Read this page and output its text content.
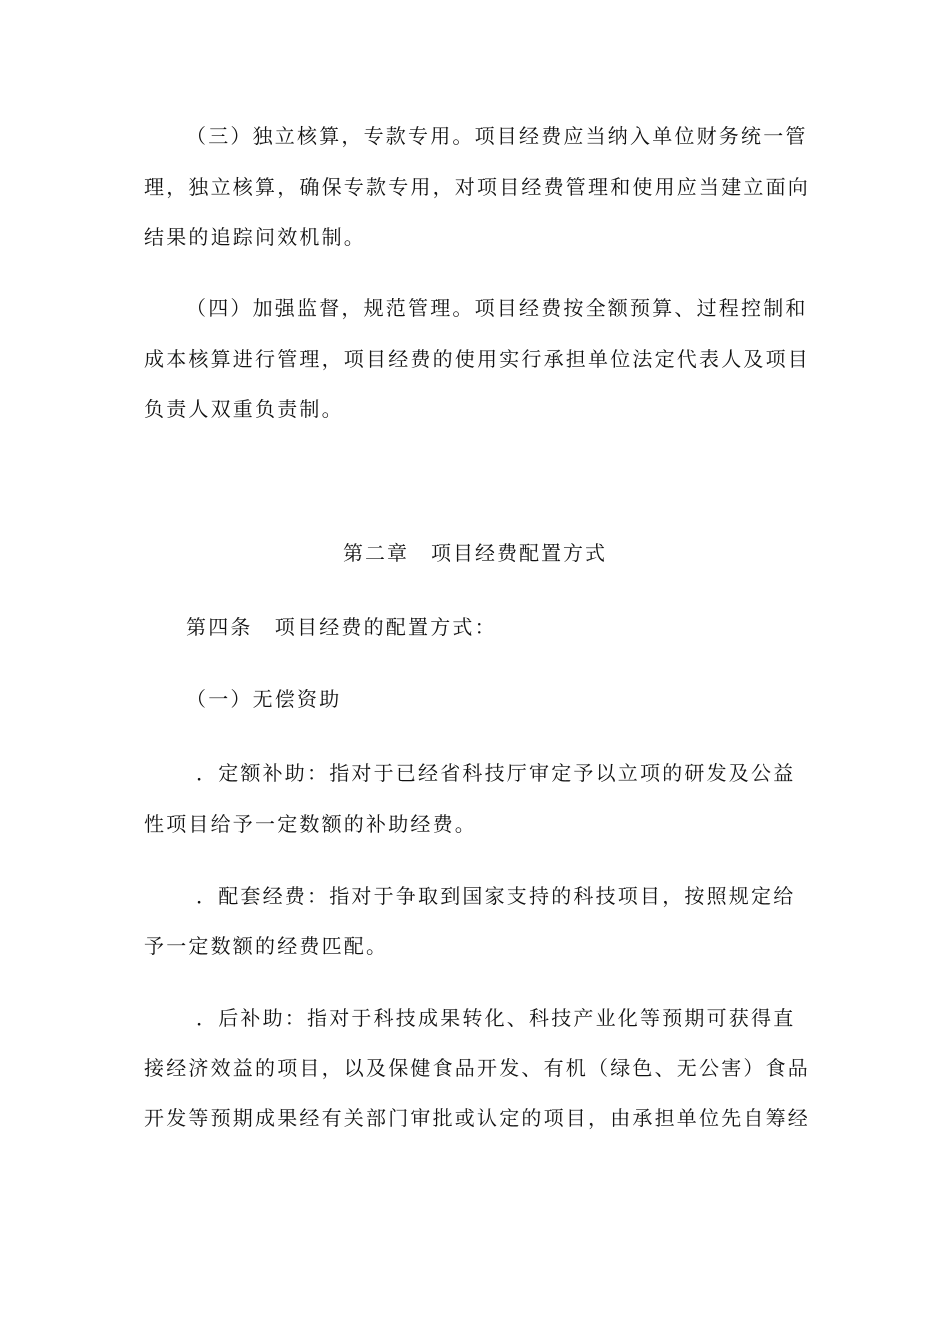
（三）独立核算，专款专用。项目经费应当纳入单位财务统一管
理，独立核算，确保专款专用，对项目经费管理和使用应当建立面向
结果的追踪问效机制。
（四）加强监督，规范管理。项目经费按全额预算、过程控制和
成本核算进行管理，项目经费的使用实行承担单位法定代表人及项目
负责人双重负责制。
第二章　项目经费配置方式
第四条　项目经费的配置方式：
（一）无偿资助
．定额补助：指对于已经省科技厅审定予以立项的研发及公益
性项目给予一定数额的补助经费。
．配套经费：指对于争取到国家支持的科技项目，按照规定给
予一定数额的经费匹配。
．后补助：指对于科技成果转化、科技产业化等预期可获得直
接经济效益的项目，以及保健食品开发、有机（绿色、无公害）食品
开发等预期成果经有关部门审批或认定的项目，由承担单位先自筹经
